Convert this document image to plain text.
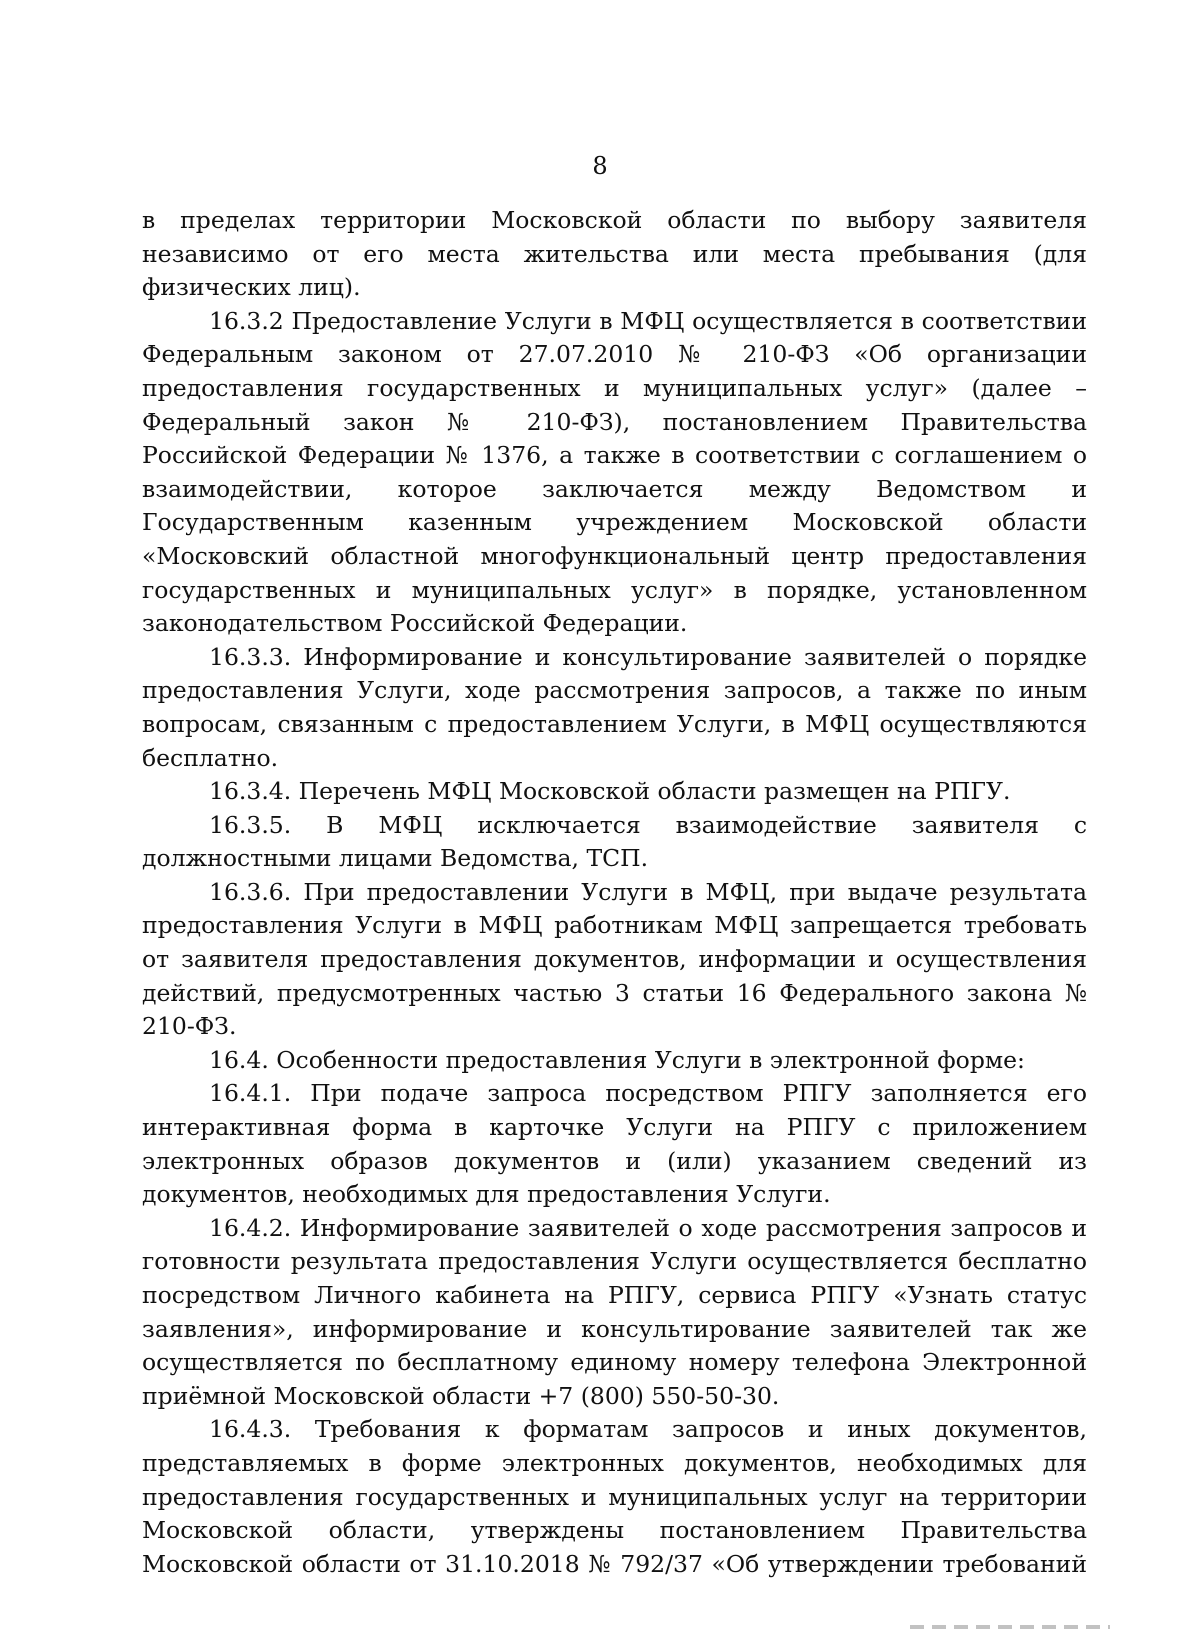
8

в пределах территории Московской области по выбору заявителя независимо от его места жительства или места пребывания (для физических лиц).

16.3.2 Предоставление Услуги в МФЦ осуществляется в соответствии Федеральным законом от 27.07.2010 № 210-ФЗ «Об организации предоставления государственных и муниципальных услуг» (далее – Федеральный закон № 210-ФЗ), постановлением Правительства Российской Федерации № 1376, а также в соответствии с соглашением о взаимодействии, которое заключается между Ведомством и Государственным казенным учреждением Московской области «Московский областной многофункциональный центр предоставления государственных и муниципальных услуг» в порядке, установленном законодательством Российской Федерации.

16.3.3. Информирование и консультирование заявителей о порядке предоставления Услуги, ходе рассмотрения запросов, а также по иным вопросам, связанным с предоставлением Услуги, в МФЦ осуществляются бесплатно.

16.3.4. Перечень МФЦ Московской области размещен на РПГУ.

16.3.5. В МФЦ исключается взаимодействие заявителя с должностными лицами Ведомства, ТСП.

16.3.6. При предоставлении Услуги в МФЦ, при выдаче результата предоставления Услуги в МФЦ работникам МФЦ запрещается требовать от заявителя предоставления документов, информации и осуществления действий, предусмотренных частью 3 статьи 16 Федерального закона № 210-ФЗ.

16.4. Особенности предоставления Услуги в электронной форме:

16.4.1. При подаче запроса посредством РПГУ заполняется его интерактивная форма в карточке Услуги на РПГУ с приложением электронных образов документов и (или) указанием сведений из документов, необходимых для предоставления Услуги.

16.4.2. Информирование заявителей о ходе рассмотрения запросов и готовности результата предоставления Услуги осуществляется бесплатно посредством Личного кабинета на РПГУ, сервиса РПГУ «Узнать статус заявления», информирование и консультирование заявителей так же осуществляется по бесплатному единому номеру телефона Электронной приёмной Московской области +7 (800) 550-50-30.

16.4.3. Требования к форматам запросов и иных документов, представляемых в форме электронных документов, необходимых для предоставления государственных и муниципальных услуг на территории Московской области, утверждены постановлением Правительства Московской области от 31.10.2018 № 792/37 «Об утверждении требований
